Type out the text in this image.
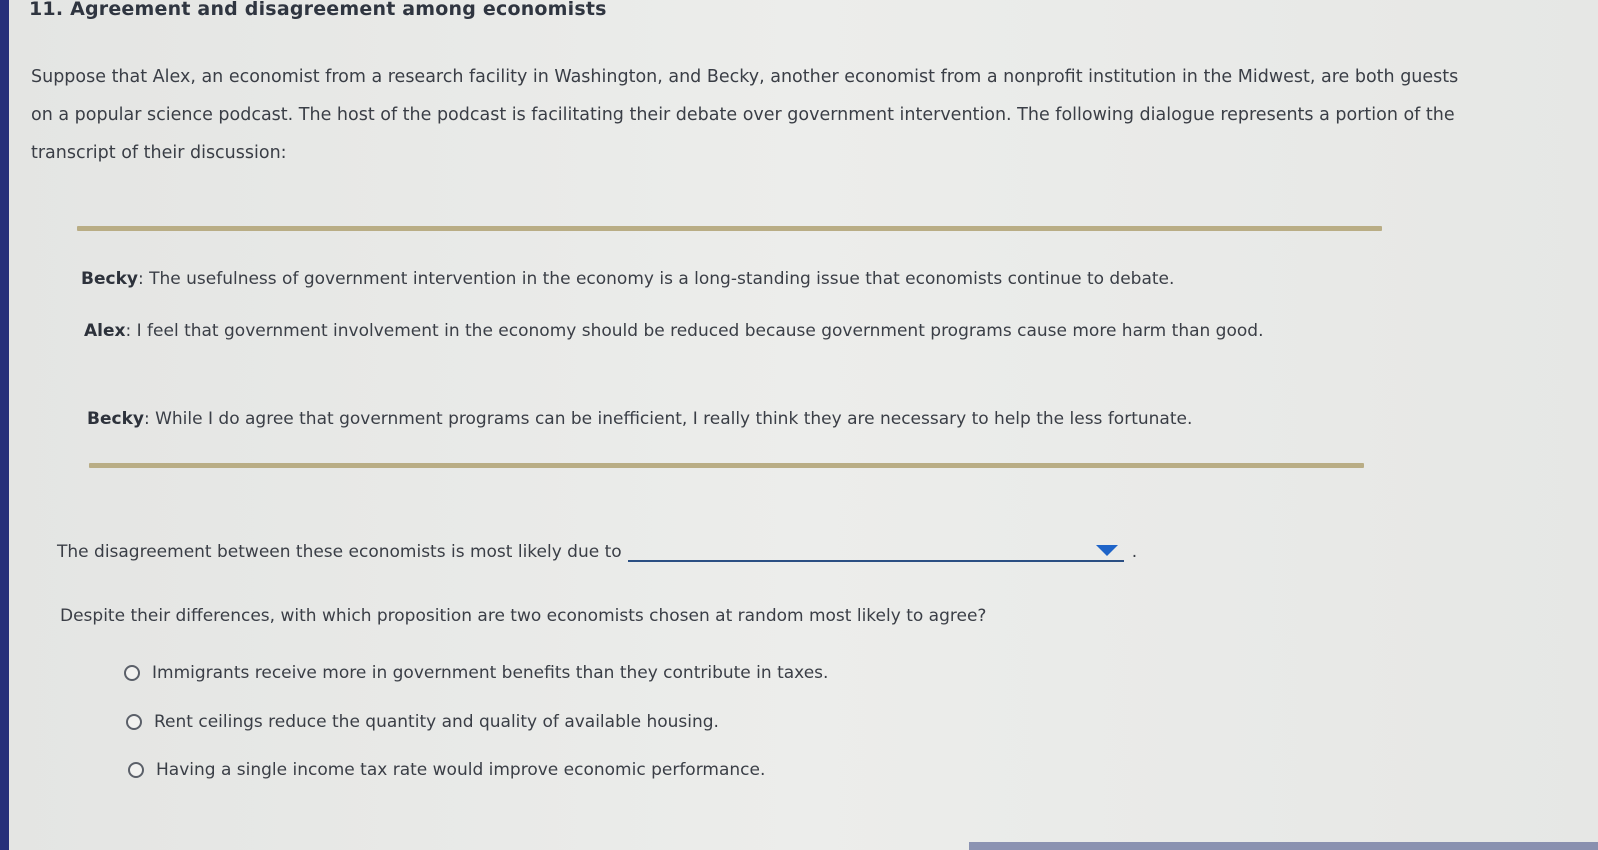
11. Agreement and disagreement among economists
Suppose that Alex, an economist from a research facility in Washington, and Becky, another economist from a nonprofit institution in the Midwest, are both guests on a popular science podcast. The host of the podcast is facilitating their debate over government intervention. The following dialogue represents a portion of the transcript of their discussion:
Becky: The usefulness of government intervention in the economy is a long-standing issue that economists continue to debate.
Alex: I feel that government involvement in the economy should be reduced because government programs cause more harm than good.
Becky: While I do agree that government programs can be inefficient, I really think they are necessary to help the less fortunate.
The disagreement between these economists is most likely due to	.
Despite their differences, with which proposition are two economists chosen at random most likely to agree?
Immigrants receive more in government benefits than they contribute in taxes.
Rent ceilings reduce the quantity and quality of available housing.
Having a single income tax rate would improve economic performance.
